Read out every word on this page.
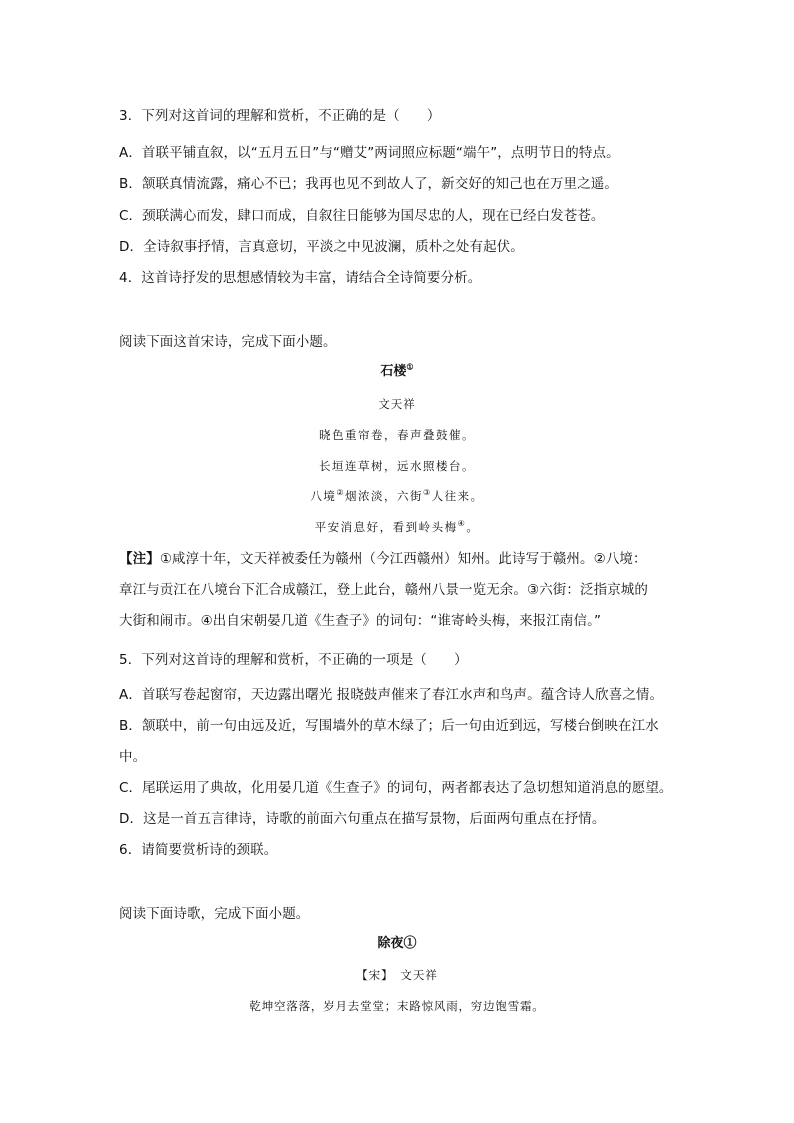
3．下列对这首词的理解和赏析，不正确的是（　　）
A．首联平铺直叙，以“五月五日”与“赠艾”两词照应标题“端午”，点明节日的特点。
B．颔联真情流露，痛心不已；我再也见不到故人了，新交好的知己也在万里之遥。
C．颈联满心而发，肆口而成，自叙往日能够为国尽忠的人，现在已经白发苍苍。
D．全诗叙事抒情，言真意切，平淡之中见波澜，质朴之处有起伏。
4．这首诗抒发的思想感情较为丰富，请结合全诗简要分析。
阅读下面这首宋诗，完成下面小题。
石楼①
文天祥
晓色重帘卷，春声叠鼓催。
长垣连草树，远水照楼台。
八境②烟浓淡，六街③人往来。
平安消息好，看到岭头梅④。
【注】①咸淳十年，文天祥被委任为赣州（今江西赣州）知州。此诗写于赣州。②八境：
章江与贡江在八境台下汇合成赣江，登上此台，赣州八景一览无余。③六街：泛指京城的
大街和闹市。④出自宋朝晏几道《生查子》的词句：“谁寄岭头梅，来报江南信。”
5．下列对这首诗的理解和赏析，不正确的一项是（　　）
A．首联写卷起窗帘，天边露出曙光 报晓鼓声催来了春江水声和鸟声。蕴含诗人欣喜之情。
B．颔联中，前一句由远及近，写围墙外的草木绿了；后一句由近到远，写楼台倒映在江水
中。
C．尾联运用了典故，化用晏几道《生查子》的词句，两者都表达了急切想知道消息的愿望。
D．这是一首五言律诗，诗歌的前面六句重点在描写景物，后面两句重点在抒情。
6．请简要赏析诗的颈联。
阅读下面诗歌，完成下面小题。
除夜①
【宋】　文天祥
乾坤空落落，岁月去堂堂；末路惊风雨，穷边饱雪霜。
